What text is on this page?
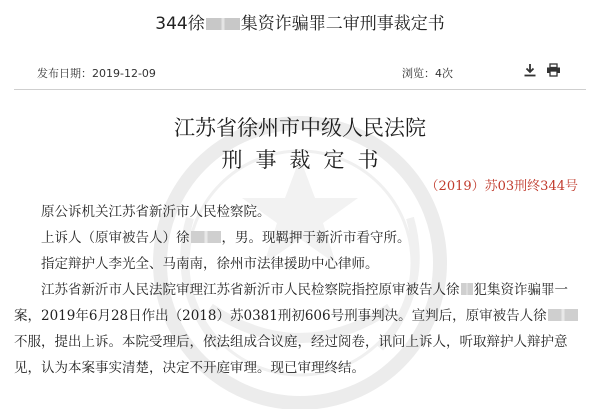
344徐 集资诈骗罪二审刑事裁定书
发布日期：2019-12-09	浏览：4次
江苏省徐州市中级人民法院
刑事裁定书
（2019）苏03刑终344号

原公诉机关江苏省新沂市人民检察院。

上诉人（原审被告人）徐 ，男。现羁押于新沂市看守所。

指定辩护人李光全、马南南，徐州市法律援助中心律师。

江苏省新沂市人民法院审理江苏省新沂市人民检察院指控原审被告人徐 犯集资诈骗罪一案，2019年6月28日作出（2018）苏0381刑初606号刑事判决。宣判后，原审被告人徐不服，提出上诉。本院受理后，依法组成合议庭，经过阅卷，讯问上诉人，听取辩护人辩护意见，认为本案事实清楚，决定不开庭审理。现已审理终结。
